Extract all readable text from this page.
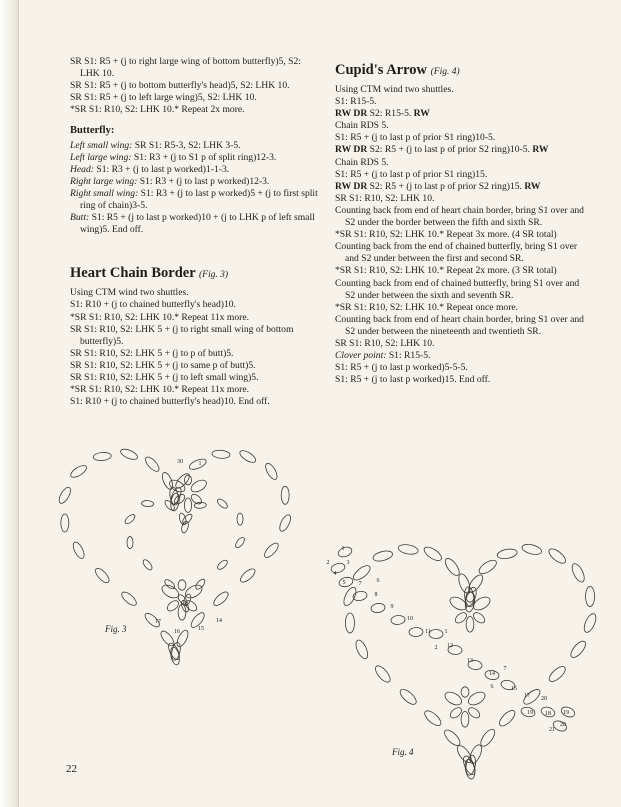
SR S1: R5 + (j to right large wing of bottom butterfly)5, S2: LHK 10.

SR S1: R5 + (j to bottom butterfly's head)5, S2: LHK 10.

SR S1: R5 + (j to left large wing)5, S2: LHK 10.

*SR S1: R10, S2: LHK 10.* Repeat 2x more.

Butterfly:

Left small wing: SR S1: R5-3, S2: LHK 3-5.

Left large wing: S1: R3 + (j to S1 p of split ring)12-3.

Head: S1: R3 + (j to last p worked)1-1-3.

Right large wing: S1: R3 + (j to last p worked)12-3.

Right small wing: S1: R3 + (j to last p worked)5 + (j to first split ring of chain)3-5.

Butt: S1: R5 + (j to last p worked)10 + (j to LHK p of left small wing)5. End off.

Heart Chain Border (Fig. 3)

Using CTM wind two shuttles.

S1: R10 + (j to chained butterfly's head)10.

*SR S1: R10, S2: LHK 10.* Repeat 11x more.

SR S1: R10, S2: LHK 5 + (j to right small wing of bottom butterfly)5.

SR S1: R10, S2: LHK 5 + (j to p of butt)5.

SR S1: R10, S2: LHK 5 + (j to same p of butt)5.

SR S1: R10, S2: LHK 5 + (j to left small wing)5.

*SR S1: R10, S2: LHK 10.* Repeat 11x more.

S1: R10 + (j to chained butterfly's head)10. End off.

Cupid's Arrow (Fig. 4)

Using CTM wind two shuttles.

S1: R15-5.

RW DR S2: R15-5. RW

Chain RDS 5.

S1: R5 + (j to last p of prior S1 ring)10-5.

RW DR S2: R5 + (j to last p of prior S2 ring)10-5. RW

Chain RDS 5.

S1: R5 + (j to last p of prior S1 ring)15.

RW DR S2: R5 + (j to last p of prior S2 ring)15. RW

SR S1: R10, S2: LHK 10.

Counting back from end of heart chain border, bring S1 over and S2 under the border between the fifth and sixth SR.

*SR S1: R10, S2: LHK 10.* Repeat 3x more. (4 SR total)

Counting back from the end of chained butterfly, bring S1 over and S2 under between the first and second SR.

*SR S1: R10, S2: LHK 10.* Repeat 2x more. (3 SR total)

Counting back from end of chained butterfly, bring S1 over and S2 under between the sixth and seventh SR.

*SR S1: R10, S2: LHK 10.* Repeat once more.

Counting back from end of heart chain border, bring S1 over and S2 under between the nineteenth and twentieth SR.

SR S1: R10, S2: LHK 10.

Clover point: S1: R15-5.

S1: R5 + (j to last p worked)5-5-5.

S1: R5 + (j to last p worked)15. End off.

30	1
17
16	15
14
1
2	3
4
5	6
7
8
9
10
11 1
2 12
13
14
7
15
6
17 20
19 18 19
21
20
Fig. 3
Fig. 4
22
